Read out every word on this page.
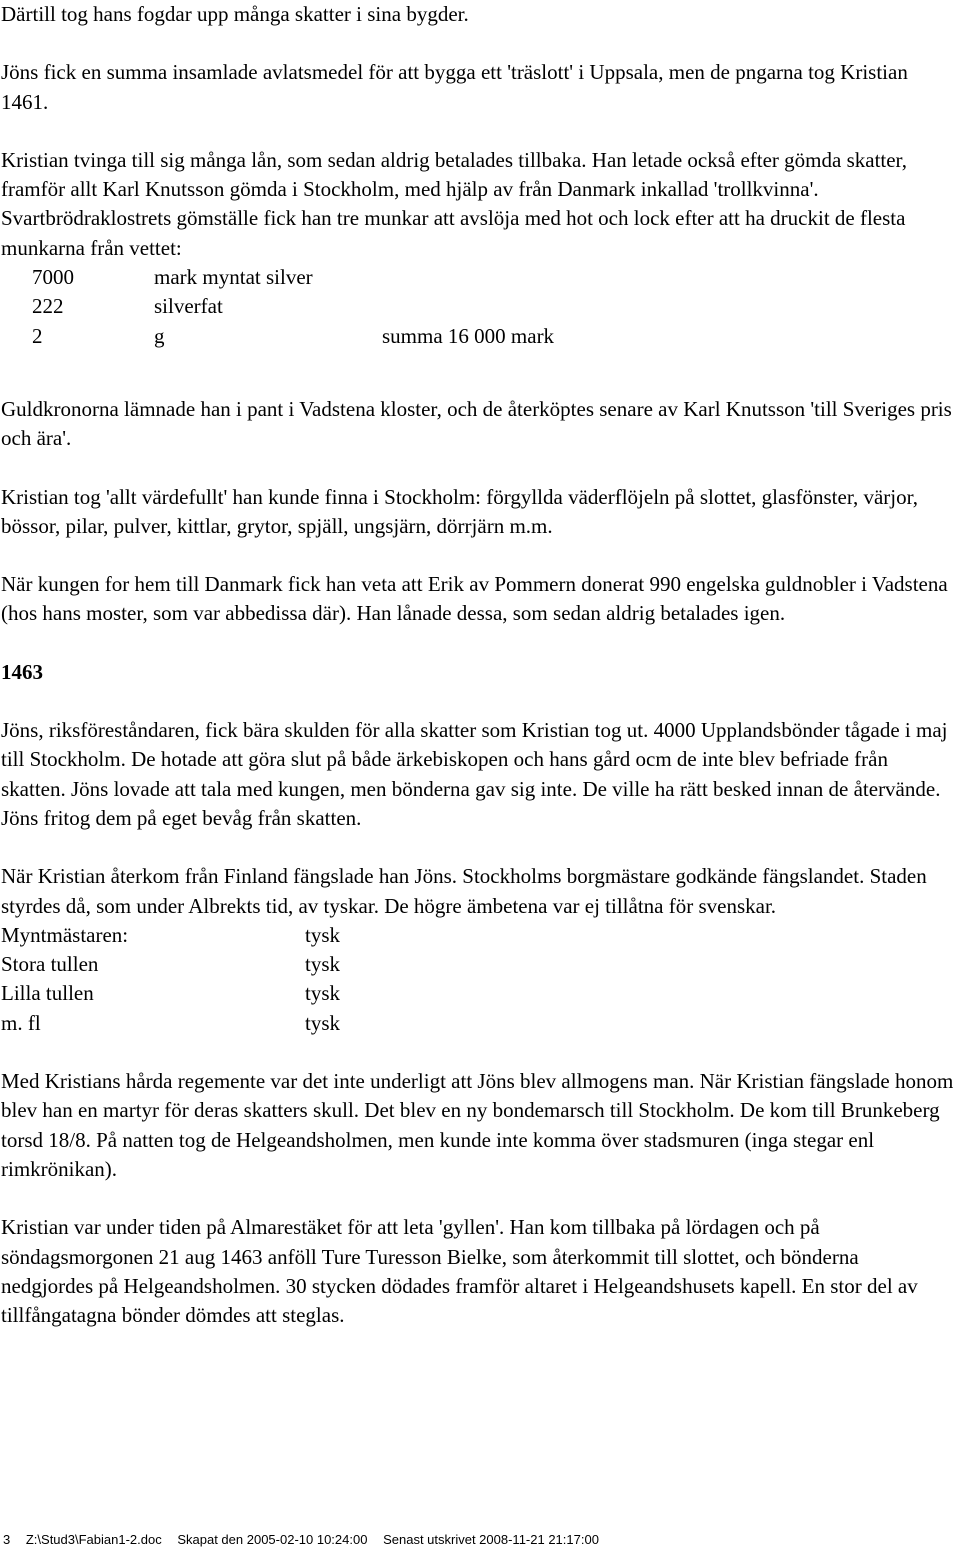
Därtill tog hans fogdar upp många skatter i sina bygder.

Jöns fick en summa insamlade avlatsmedel för att bygga ett 'träslott' i Uppsala, men de pngarna tog Kristian 1461.

Kristian tvinga till sig många lån, som sedan aldrig betalades tillbaka. Han letade också efter gömda skatter, framför allt Karl Knutsson gömda i Stockholm, med hjälp av från Danmark inkallad 'trollkvinna'. Svartbrödraklostrets gömställe fick han tre munkar att avslöja med hot och lock efter att ha druckit de flesta munkarna från vettet:

7000	mark myntat silver
222	silverfat
2	g	summa 16 000 mark

Guldkronorna lämnade han i pant i Vadstena kloster, och de återköptes senare av Karl Knutsson 'till Sveriges pris och ära'.

Kristian tog 'allt värdefullt' han kunde finna i Stockholm: förgyllda väderflöjeln på slottet, glasfönster, värjor, bössor, pilar, pulver, kittlar, grytor, spjäll, ungsjärn, dörrjärn m.m.

När kungen for hem till Danmark fick han veta att Erik av Pommern donerat 990 engelska guldnobler i Vadstena (hos hans moster, som var abbedissa där). Han lånade dessa, som sedan aldrig betalades igen.

1463

Jöns, riksföreståndaren, fick bära skulden för alla skatter som Kristian tog ut. 4000 Upplandsbönder tågade i maj till Stockholm. De hotade att göra slut på både ärkebiskopen och hans gård ocm de inte blev befriade från skatten. Jöns lovade att tala med kungen, men bönderna gav sig inte. De ville ha rätt besked innan de återvände. Jöns fritog dem på eget bevåg från skatten.

När Kristian återkom från Finland fängslade han Jöns. Stockholms borgmästare godkände fängslandet. Staden styrdes då, som under Albrekts tid, av tyskar. De högre ämbetena var ej tillåtna för svenskar.

Myntmästaren:	tysk
Stora tullen	tysk
Lilla tullen	tysk
m. fl	tysk

Med Kristians hårda regemente var det inte underligt att Jöns blev allmogens man. När Kristian fängslade honom blev han en martyr för deras skatters skull. Det blev en ny bondemarsch till Stockholm. De kom till Brunkeberg torsd 18/8. På natten tog de Helgeandsholmen, men kunde inte komma över stadsmuren (inga stegar enl rimkrönikan).

Kristian var under tiden på Almarestäket för att leta 'gyllen'. Han kom tillbaka på lördagen och på söndagsmorgonen 21 aug 1463 anföll Ture Turesson Bielke, som återkommit till slottet, och bönderna nedgjordes på Helgeandsholmen. 30 stycken dödades framför altaret i Helgeandshusets kapell. En stor del av tillfångatagna bönder dömdes att steglas.

3 Z:\Stud3\Fabian1-2.doc Skapat den 2005-02-10 10:24:00 Senast utskrivet 2008-11-21 21:17:00
